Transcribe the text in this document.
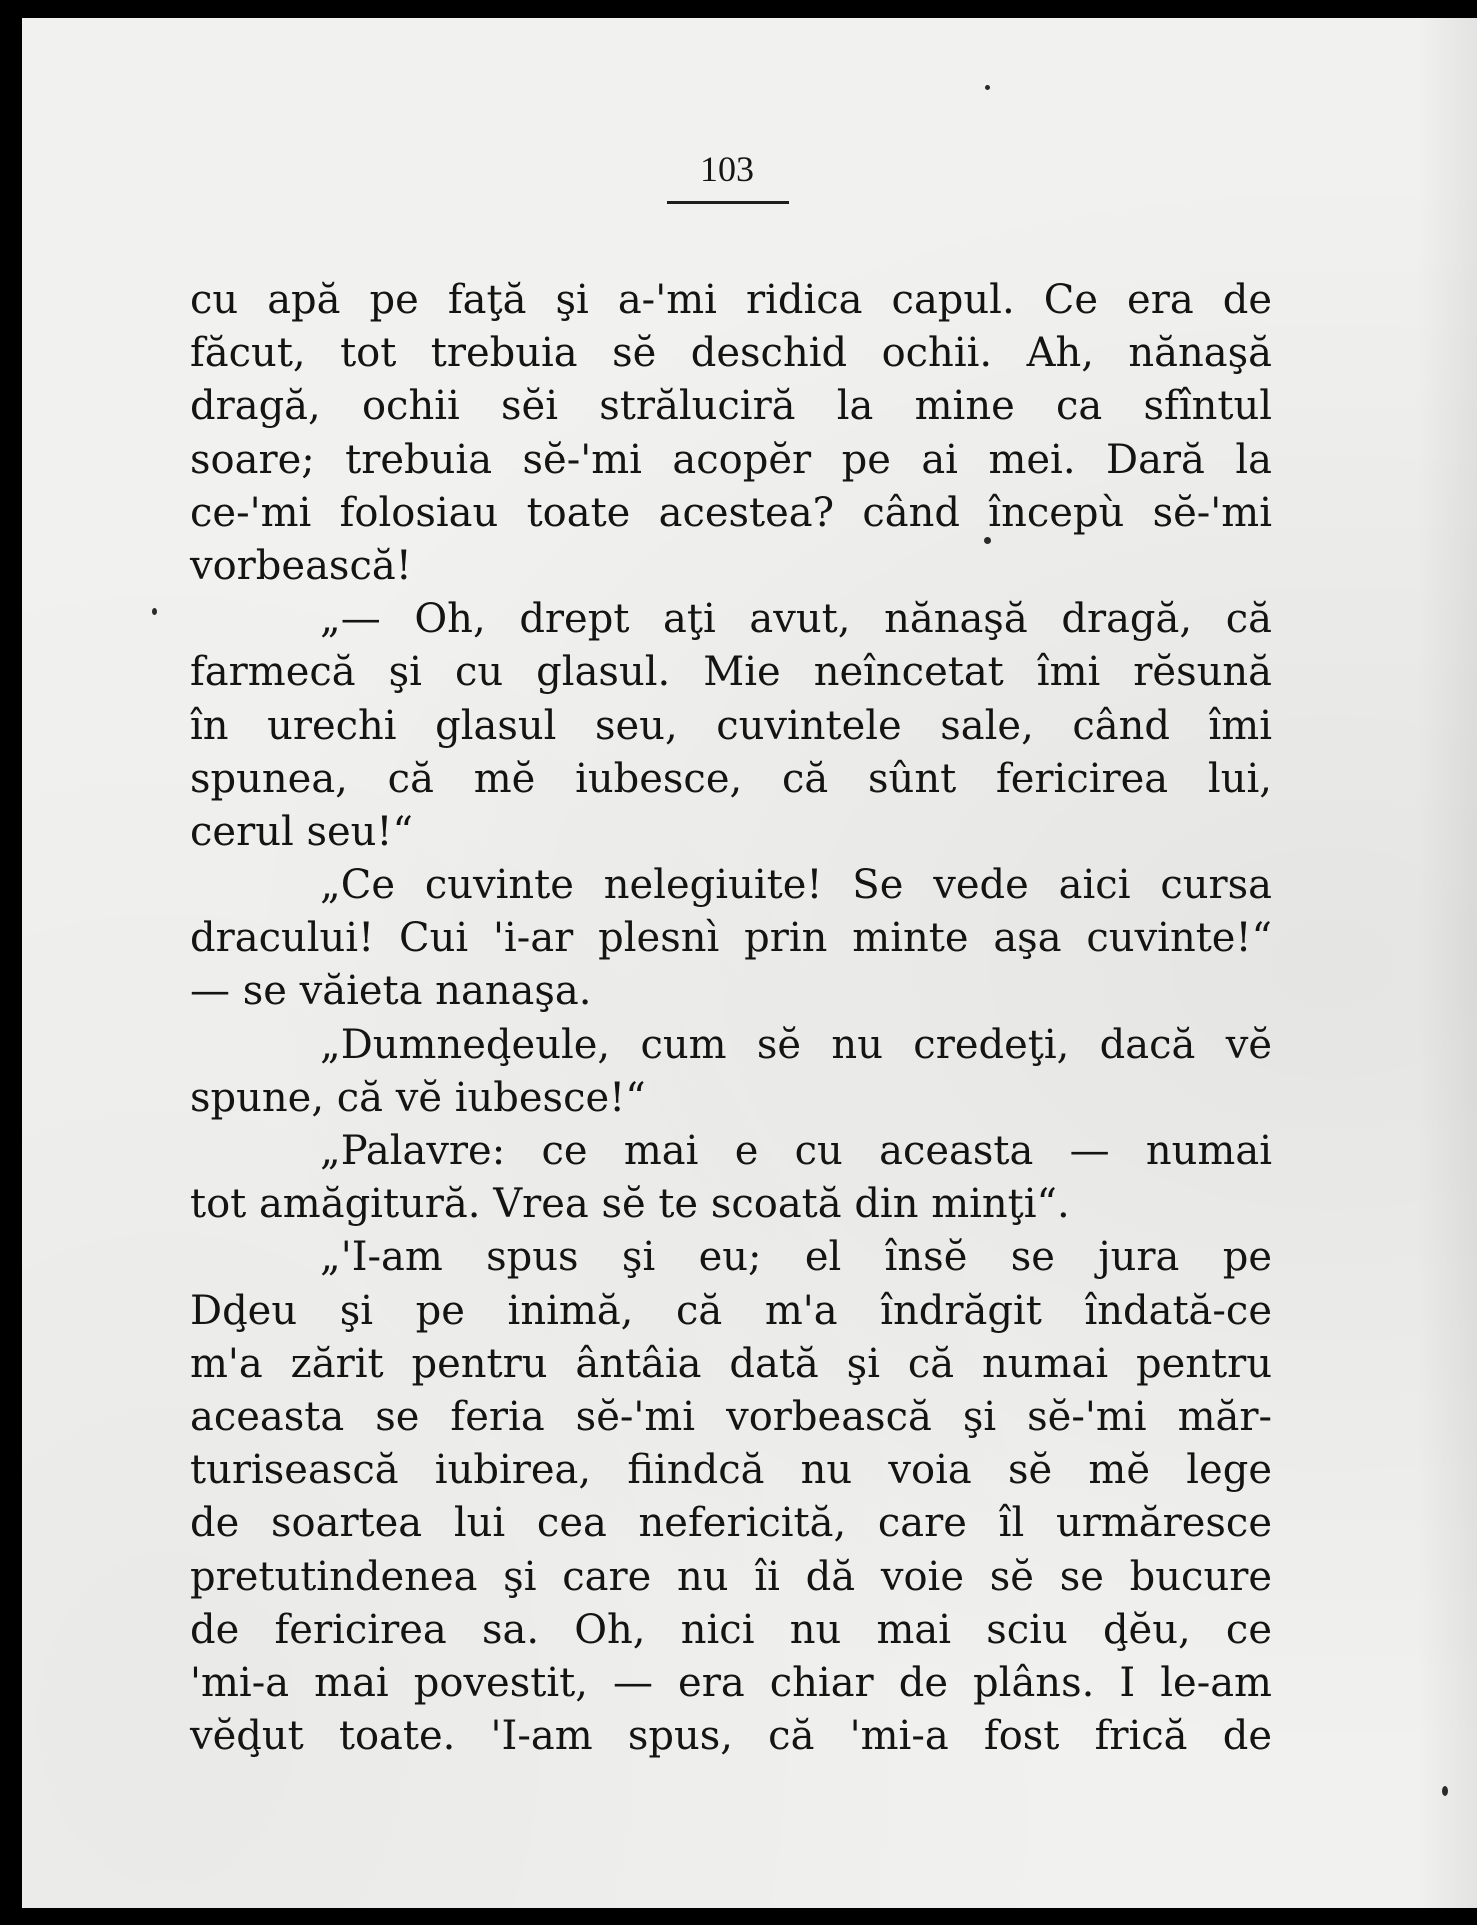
103
cu apă pe faţă şi a-'mi ridica capul. Ce era de
făcut, tot trebuia sĕ deschid ochii. Ah, nănaşă
dragă, ochii sĕi străluciră la mine ca sfîntul
soare; trebuia sĕ-'mi acopĕr pe ai mei. Dară la
ce-'mi folosiau toate acestea? când începù sĕ-'mi
vorbească!
„— Oh, drept aţi avut, nănaşă dragă, că
farmecă şi cu glasul. Mie neîncetat îmi rĕsună
în urechi glasul seu, cuvintele sale, când îmi
spunea, că mĕ iubesce, că sûnt fericirea lui,
cerul seu!“
„Ce cuvinte nelegiuite! Se vede aici cursa
dracului! Cui 'i-ar plesnì prin minte aşa cuvinte!“
— se văieta nanaşa.
„Dumneḑeule, cum sĕ nu credeţi, dacă vĕ
spune, că vĕ iubesce!“
„Palavre: ce mai e cu aceasta — numai
tot amăgitură. Vrea sĕ te scoată din minţi“.
„'I-am spus şi eu; el însĕ se jura pe
Dḑeu şi pe inimă, că m'a îndrăgit îndată-ce
m'a zărit pentru ântâia dată şi că numai pentru
aceasta se feria sĕ-'mi vorbească şi sĕ-'mi măr-
turisească iubirea, fiindcă nu voia sĕ mĕ lege
de soartea lui cea nefericită, care îl urmăresce
pretutindenea şi care nu îi dă voie sĕ se bucure
de fericirea sa. Oh, nici nu mai sciu ḑĕu, ce
'mi-a mai povestit, — era chiar de plâns. I le-am
vĕḑut toate. 'I-am spus, că 'mi-a fost frică de
